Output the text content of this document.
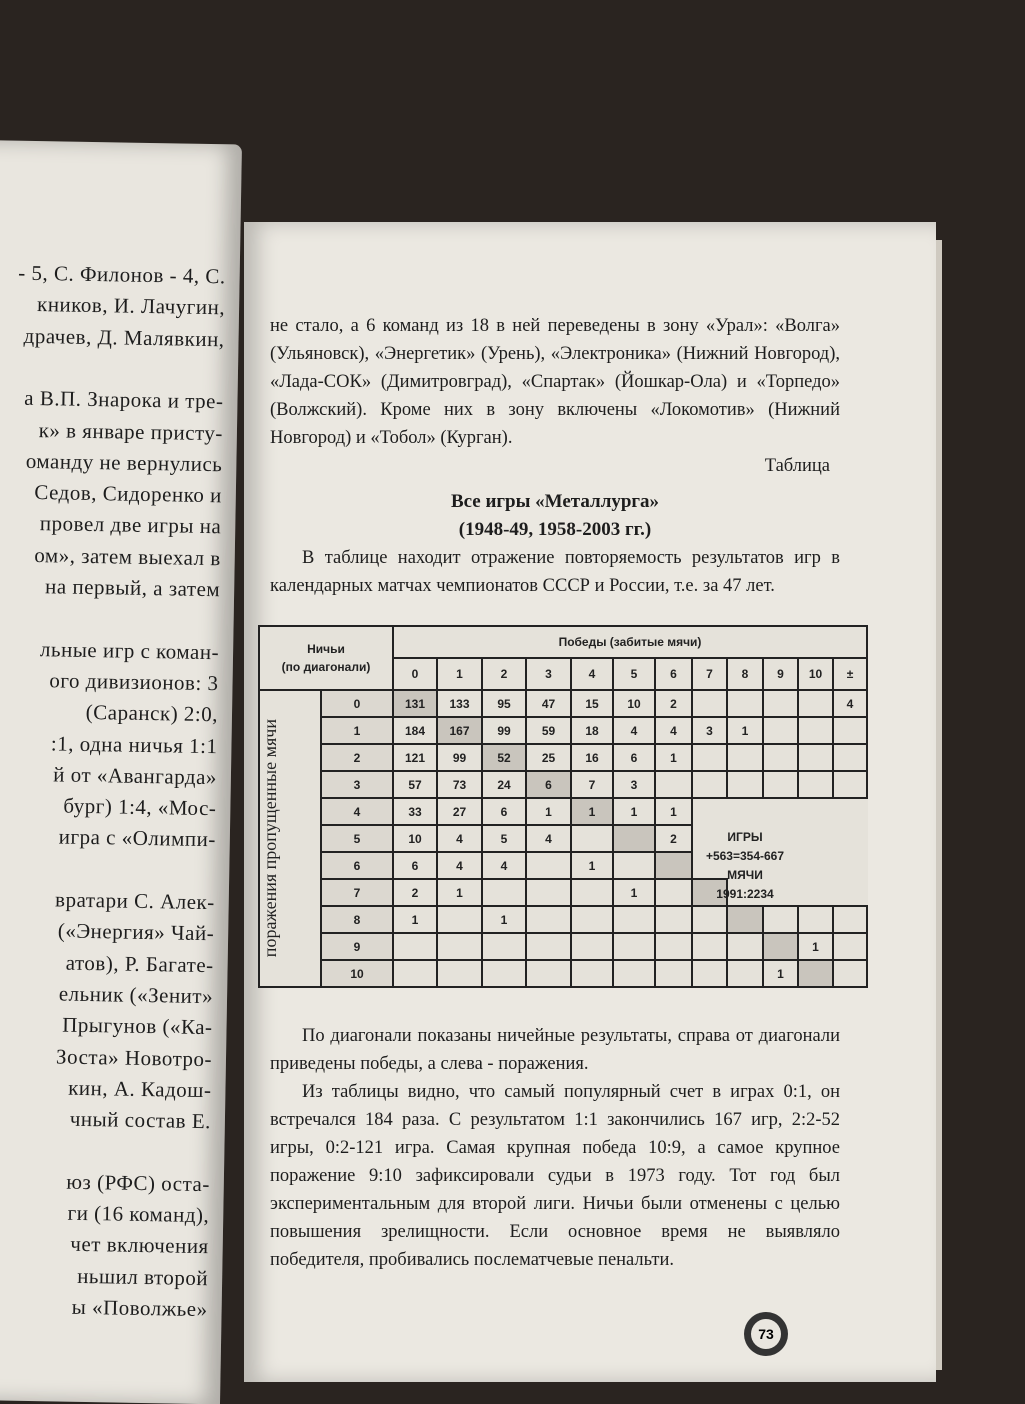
- 5, С. Филонов - 4, С.
кников, И. Лачугин,
драчев, Д. Малявкин,
а В.П. Знарока и тре-
к» в январе присту-
оманду не вернулись
Седов, Сидоренко и
провел две игры на
ом», затем выехал в
на первый, а затем
льные игр с коман-
ого дивизионов: 3
(Саранск) 2:0,
:1, одна ничья 1:1
й от «Авангарда»
бург) 1:4, «Мос-
игра с «Олимпи-
вратари С. Алек-
(«Энергия» Чай-
атов), Р. Багате-
ельник («Зенит»
Прыгунов («Ка-
Зоста» Новотро-
кин, А. Кадош-
чный состав Е.
юз (РФС) оста-
ги (16 команд),
чет включения
ньшил второй
ы «Поволжье»

не стало, а 6 команд из 18 в ней переведены в зону «Урал»: «Волга» (Ульяновск), «Энергетик» (Урень), «Электроника» (Нижний Новгород), «Лада-СОК» (Димитровград), «Спартак» (Йошкар-Ола) и «Торпедо» (Волжский). Кроме них в зону включены «Локомотив» (Нижний Новгород) и «Тобол» (Курган).

Таблица

Все игры «Металлурга»

(1948-49, 1958-2003 гг.)

В таблице находит отражение повторяемость результатов игр в календарных матчах чемпионатов СССР и России, т.е. за 47 лет.

Ничьи
(по диагонали)		Победы (забитые мячи)											
		0	1	2	3	4	5	6	7	8	9	10	±

поражения пропущенные мячи	0	131	133	95	47	15	10	2					4
	1	184	167	99	59	18	4	4	3	1			
	2	121	99	52	25	16	6	1					
	3	57	73	24	6	7	3						
	4	33	27	6	1	1	1	1					
	5	10	4	5	4			2					
	6	6	4	4		1							
	7	2	1				1						
	8	1		1									
	9											1	
	10										1		
ИГРЫ
+563=354-667
МЯЧИ
1991:2234

По диагонали показаны ничейные результаты, справа от диагонали приведены победы, а слева - поражения.

Из таблицы видно, что самый популярный счет в играх 0:1, он встречался 184 раза. С результатом 1:1 закончились 167 игр, 2:2-52 игры, 0:2-121 игра. Самая крупная победа 10:9, а самое крупное поражение 9:10 зафиксировали судьи в 1973 году. Тот год был экспериментальным для второй лиги. Ничьи были отменены с целью повышения зрелищности. Если основное время не выявляло победителя, пробивались послематчевые пенальти.

73
